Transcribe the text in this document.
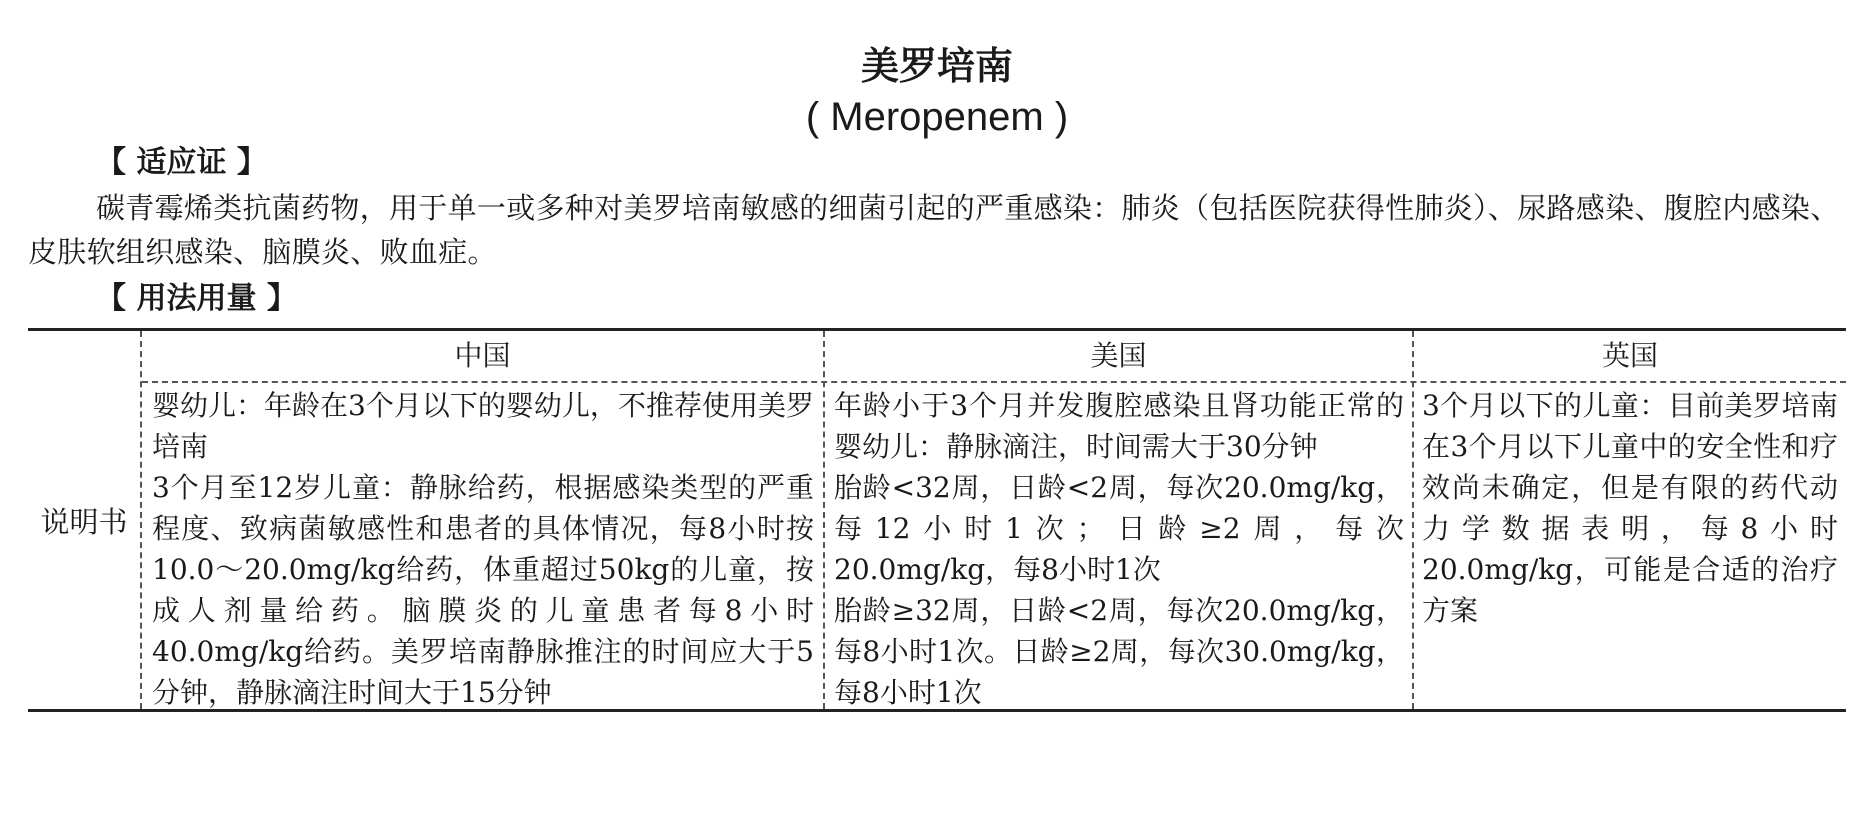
美罗培南
( Meropenem )
【 适应证 】
碳青霉烯类抗菌药物，用于单一或多种对美罗培南敏感的细菌引起的严重感染：肺炎（包括医院获得性肺炎）、尿路感染、腹腔内感染、皮肤软组织感染、脑膜炎、败血症。
【 用法用量 】
说明书
中国	美国	英国

婴幼儿：年龄在3个月以下的婴幼儿，不推荐使用美罗培南

3个月至12岁儿童：静脉给药，根据感染类型的严重程度、致病菌敏感性和患者的具体情况，每8小时按10.0～20.0mg/kg给药，体重超过50kg的儿童，按成人剂量给药。脑膜炎的儿童患者每8小时40.0mg/kg给药。美罗培南静脉推注的时间应大于5分钟，静脉滴注时间大于15分钟

年龄小于3个月并发腹腔感染且肾功能正常的婴幼儿：静脉滴注，时间需大于30分钟

胎龄<32周，日龄<2周，每次20.0mg/kg，每12小时1次；日龄≥2周，每次20.0mg/kg，每8小时1次

胎龄≥32周，日龄<2周，每次20.0mg/kg，每8小时1次。日龄≥2周，每次30.0mg/kg，每8小时1次

3个月以下的儿童：目前美罗培南在3个月以下儿童中的安全性和疗效尚未确定，但是有限的药代动力学数据表明，每8小时20.0mg/kg，可能是合适的治疗方案
